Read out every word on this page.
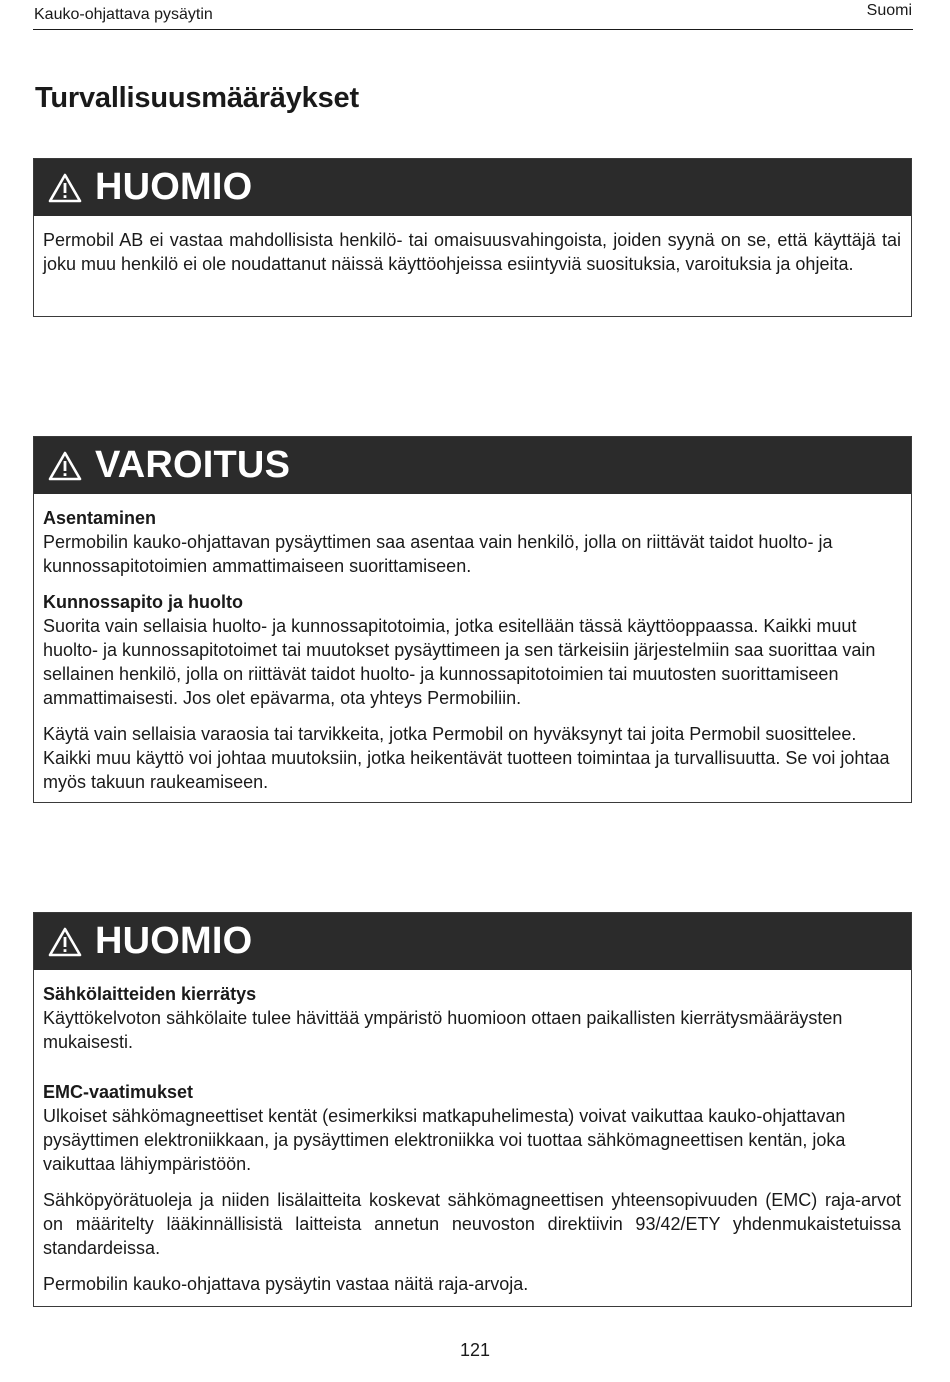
Kauko-ohjattava pysäytin	Suomi
Turvallisuusmääräykset
HUOMIO

Permobil AB ei vastaa mahdollisista henkilö- tai omaisuusvahingoista, joiden syynä on se, että käyttäjä tai joku muu henkilö ei ole noudattanut näissä käyttöohjeissa esiintyviä suosituksia, varoituksia ja ohjeita.

VAROITUS

Asentaminen
Permobilin kauko-ohjattavan pysäyttimen saa asentaa vain henkilö, jolla on riittävät taidot huolto- ja kunnossapitotoimien ammattimaiseen suorittamiseen.

Kunnossapito ja huolto
Suorita vain sellaisia huolto- ja kunnossapitotoimia, jotka esitellään tässä käyttöoppaassa. Kaikki muut huolto- ja kunnossapitotoimet tai muutokset pysäyttimeen ja sen tärkeisiin järjestelmiin saa suorittaa vain sellainen henkilö, jolla on riittävät taidot huolto- ja kunnossapitotoimien tai muutosten suorittamiseen ammattimaisesti. Jos olet epävarma, ota yhteys Permobiliin.

Käytä vain sellaisia varaosia tai tarvikkeita, jotka Permobil on hyväksynyt tai joita Permobil suosittelee. Kaikki muu käyttö voi johtaa muutoksiin, jotka heikentävät tuotteen toimintaa ja turvallisuutta. Se voi johtaa myös takuun raukeamiseen.

HUOMIO

Sähkölaitteiden kierrätys
Käyttökelvoton sähkölaite tulee hävittää ympäristö huomioon ottaen paikallisten kierrätysmääräysten mukaisesti.

EMC-vaatimukset
Ulkoiset sähkömagneettiset kentät (esimerkiksi matkapuhelimesta) voivat vaikuttaa kauko-ohjattavan pysäyttimen elektroniikkaan, ja pysäyttimen elektroniikka voi tuottaa sähkömagneettisen kentän, joka vaikuttaa lähiympäristöön.

Sähköpyörätuoleja ja niiden lisälaitteita koskevat sähkömagneettisen yhteensopivuuden (EMC) raja-arvot on määritelty lääkinnällisistä laitteista annetun neuvoston direktiivin 93/42/ETY yhdenmukaistetuissa standardeissa.

Permobilin kauko-ohjattava pysäytin vastaa näitä raja-arvoja.

121
